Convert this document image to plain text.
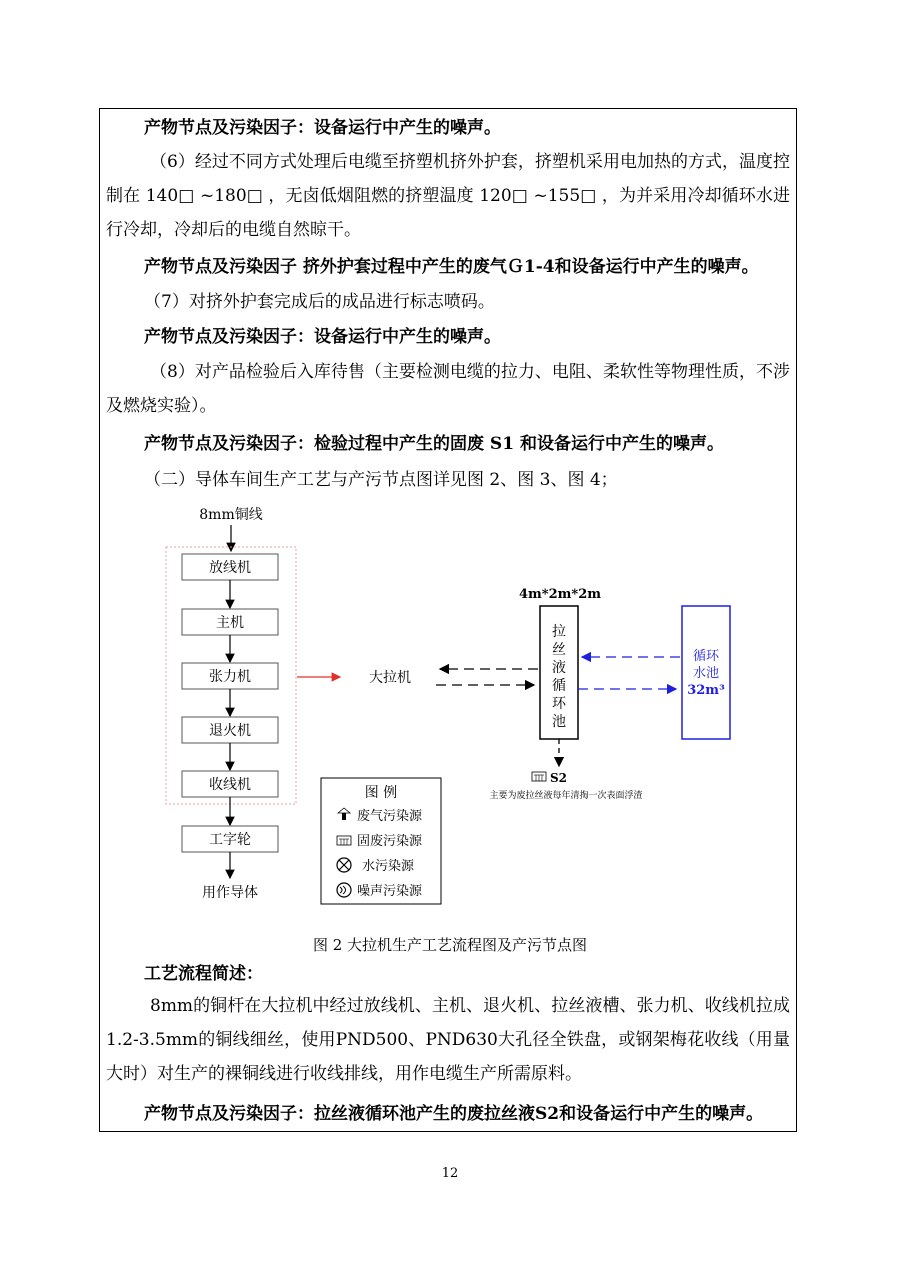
产物节点及污染因子：设备运行中产生的噪声。
（6）经过不同方式处理后电缆至挤塑机挤外护套，挤塑机采用电加热的方式，温度控制在 140□ ~180□ ，无卤低烟阻燃的挤塑温度 120□ ~155□ ，为并采用冷却循环水进行冷却，冷却后的电缆自然晾干。
产物节点及污染因子 挤外护套过程中产生的废气Ｇ1-4和设备运行中产生的噪声。
（7）对挤外护套完成后的成品进行标志喷码。
产物节点及污染因子：设备运行中产生的噪声。
（8）对产品检验后入库待售（主要检测电缆的拉力、电阻、柔软性等物理性质，不涉及燃烧实验）。
产物节点及污染因子：检验过程中产生的固废 S1 和设备运行中产生的噪声。
（二）导体车间生产工艺与产污节点图详见图 2、图 3、图 4；
工艺流程简述：
8mm的铜杆在大拉机中经过放线机、主机、退火机、拉丝液槽、张力机、收线机拉成1.2-3.5mm的铜线细丝，使用PND500、PND630大孔径全铁盘，或钢架梅花收线（用量大时）对生产的裸铜线进行收线排线，用作电缆生产所需原料。
产物节点及污染因子：拉丝液循环池产生的废拉丝液S2和设备运行中产生的噪声。
8mm铜线
放线机
主机
张力机
退火机
收线机
工字轮
用作导体
大拉机
4m*2m*2m
拉
丝
液
循
环
池
循环
水池
32m³
S2
主要为废拉丝液每年清掏一次表面浮渣
图 例
废气污染源
固废污染源
水污染源
噪声污染源
图 2 大拉机生产工艺流程图及产污节点图
12
